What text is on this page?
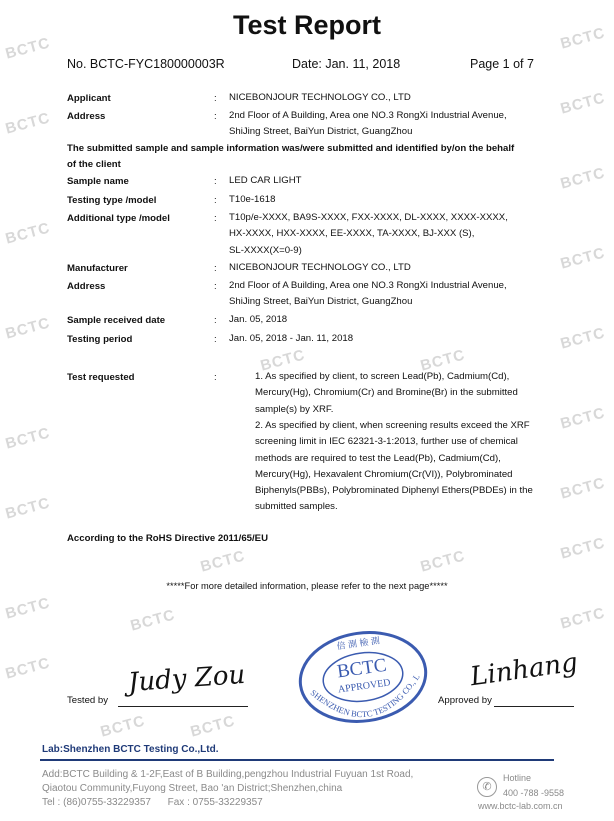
BCTC	BCTC
BCTC
BCTC
BCTC
BCTC
BCTC
BCTC
BCTC
BCTC
BCTC
BCTC
BCTC
BCTC
BCTC	BCTC
BCTC
BCTC	BCTC
BCTC	BCTC
BCTC	BCTC
BCTC
Test Report
No. BCTC-FYC180000003R	Date: Jan. 11, 2018	Page 1 of 7
Applicant	: NICEBONJOUR TECHNOLOGY CO., LTD
Address	: 2nd Floor of A Building, Area one NO.3 RongXi Industrial Avenue,
ShiJing Street, BaiYun District, GuangZhou
The submitted sample and sample information was/were submitted and identified by/on the behalf
of the client
Sample name	: LED CAR LIGHT
Testing type /model	: T10e-1618
Additional type /model	: T10p/e-XXXX, BA9S-XXXX, FXX-XXXX, DL-XXXX, XXXX-XXXX,
HX-XXXX, HXX-XXXX, EE-XXXX, TA-XXXX, BJ-XXX (S),
SL-XXXX(X=0-9)
Manufacturer	: NICEBONJOUR TECHNOLOGY CO., LTD
Address	: 2nd Floor of A Building, Area one NO.3 RongXi Industrial Avenue,
ShiJing Street, BaiYun District, GuangZhou
Sample received date	: Jan. 05, 2018
Testing period	: Jan. 05, 2018 - Jan. 11, 2018
Test requested	:	1. As specified by client, to screen Lead(Pb), Cadmium(Cd),
Mercury(Hg), Chromium(Cr) and Bromine(Br) in the submitted
sample(s) by XRF.
2. As specified by client, when screening results exceed the XRF
screening limit in IEC 62321-3-1:2013, further use of chemical
methods are required to test the Lead(Pb), Cadmium(Cd),
Mercury(Hg), Hexavalent Chromium(Cr(VI)), Polybrominated
Biphenyls(PBBs), Polybrominated Diphenyl Ethers(PBDEs) in the
submitted samples.
According to the RoHS Directive 2011/65/EU
*****For more detailed information, please refer to the next page*****
Tested by
Judy Zou
Approved by
Linhang
BCTC
APPROVED
倍 測 檢 測
SHENZHEN BCTC TESTING CO., LTD.
Lab:Shenzhen BCTC Testing Co.,Ltd.
Add:BCTC Building & 1-2F,East of B Building,pengzhou Industrial Fuyuan 1st Road,
Qiaotou Community,Fuyong Street, Bao 'an District;Shenzhen,china
Tel : (86)0755-33229357      Fax : 0755-33229357
✆
Hotline
400 -788 -9558
www.bctc-lab.com.cn
